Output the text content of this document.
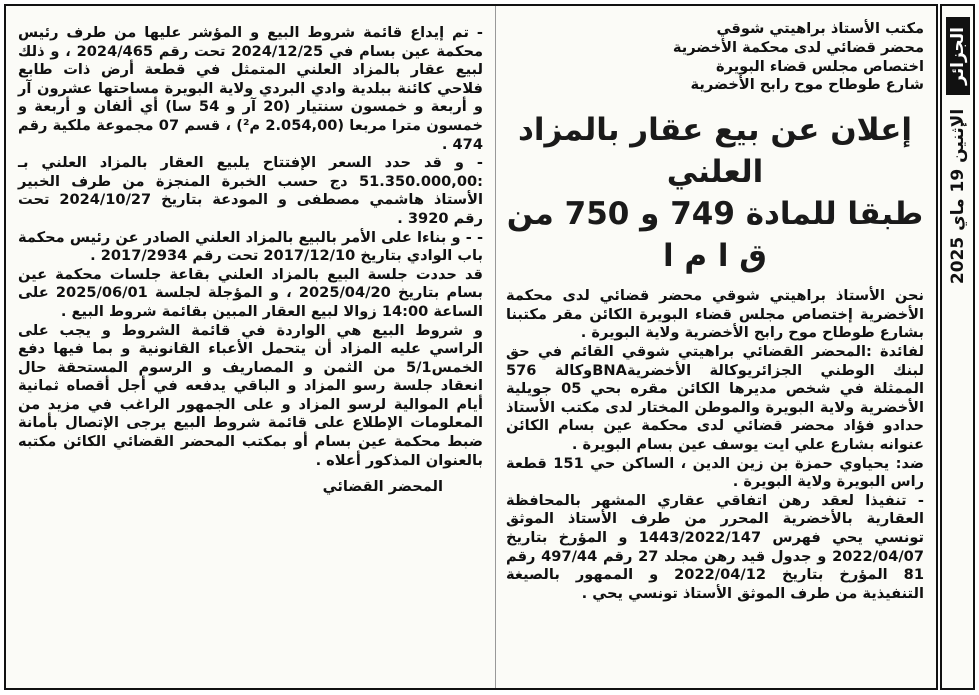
مكتب الأستاذ براهيتي شوقي

محضر قضائي لدى محكمة الأخضرية

اختصاص مجلس قضاء البويرة

شارع طوطاح موح رابح الأخضرية

إعلان عن بيع عقار بالمزاد العلني
طبقا للمادة 749 و 750 من ق ا م ا

نحن الأستاذ براهيتي شوقي محضر قضائي لدى محكمة الأخضرية إختصاص مجلس قضاء البويرة الكائن مقر مكتبنا بشارع طوطاح موح رابح الأخضرية ولاية البويرة .

لفائدة :المحضر القضائي براهيتي شوقي القائم في حق لبنك الوطني الجزائريوكالة الأخضريةBNAوكالة 576 الممثلة في شخص مديرها الكائن مقره بحي 05 جويلية الأخضرية ولاية البويرة والموطن المختار لدى مكتب الأستاذ حدادو فؤاد محضر قضائي لدى محكمة عين بسام الكائن عنوانه بشارع علي ايت يوسف عين بسام البويرة .

ضد: يحياوي حمزة بن زين الدين ، الساكن حي 151 قطعة راس البويرة ولاية البويرة .

- تنفيذا لعقد رهن اتفاقي عقاري المشهر بالمحافظة العقارية بالأخضرية المحرر من طرف الأستاذ الموثق تونسي يحي فهرس 1443/2022/147 و المؤرخ بتاريخ 2022/04/07 و جدول قيد رهن مجلد 27 رقم 497/44 رقم 81 المؤرخ بتاريخ 2022/04/12 و الممهور بالصيغة التنفيذية من طرف الموثق الأستاذ تونسي يحي .

- تم إيداع قائمة شروط البيع و المؤشر عليها من طرف رئيس محكمة عين بسام في 2024/12/25 تحت رقم 2024/465 ، و ذلك لبيع عقار بالمزاد العلني المتمثل في قطعة أرض ذات طابع فلاحي كائنة ببلدية وادي البردي ولاية البويرة مساحتها عشرون آر و أربعة و خمسون سنتيار (20 آر و 54 سا) أي ألفان و أربعة و خمسون مترا مربعا (2.054,00 م²) ، قسم 07 مجموعة ملكية رقم 474 .

- و قد حدد السعر الإفتتاح يلبيع العقار بالمزاد العلني بـ :51.350.000,00 دج حسب الخبرة المنجزة من طرف الخبير الأستاذ هاشمي مصطفى و المودعة بتاريخ 2024/10/27 تحت رقم 3920 .

- - و بناءا على الأمر بالبيع بالمزاد العلني الصادر عن رئيس محكمة باب الوادي بتاريخ 2017/12/10 تحت رقم 2017/2934 .

قد حددت جلسة البيع بالمزاد العلني بقاعة جلسات محكمة عين بسام بتاريخ 2025/04/20 ، و المؤجلة لجلسة 2025/06/01 على الساعة 14:00 زوالا لبيع العقار المبين بقائمة شروط البيع .

و شروط البيع هي الواردة في قائمة الشروط و يجب على الراسي عليه المزاد أن يتحمل الأعباء القانونية و بما فيها دفع الخمس5/1 من الثمن و المصاريف و الرسوم المستحقة حال انعقاد جلسة رسو المزاد و الباقي يدفعه في أجل أقصاه ثمانية أيام الموالية لرسو المزاد و على الجمهور الراغب في مزيد من المعلومات الإطلاع على قائمة شروط البيع يرجى الإتصال بأمانة ضبط محكمة عين بسام أو بمكتب المحضر القضائي الكائن مكتبه بالعنوان المذكور أعلاه .

المحضر القضائي

الجزائر
الإثنين 19 ماي 2025
